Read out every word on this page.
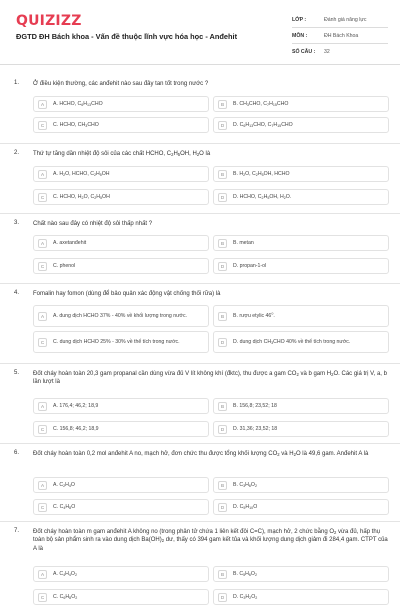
QUIZIZZ
ĐGTD ĐH Bách khoa - Vấn đề thuộc lĩnh vực hóa học - Anđehit
LỚP :	Đánh giá năng lực
MÔN :	ĐH Bách Khoa
SỐ CÂU :	32
1. Ở điều kiện thường, các anđehit nào sau đây tan tốt trong nước ?
A	A. HCHO, $C_6H_{13}CHO$	B	B. $CH_3CHO$, $C_7H_{15}CHO$
C	C. HCHO, $CH_3CHO$	D	D. $C_6H_{13}CHO$, $C_7H_{15}CHO$
2. Thứ tự tăng dần nhiệt độ sôi của các chất HCHO, $C_2H_5OH$, $H_2O$ là
A	A. $H_2O$, HCHO, $C_2H_5OH$	B	B. $H_2O$, $C_2H_5OH$, HCHO
C	C. HCHO, $H_2O$, $C_2H_5OH$	D	D. HCHO, $C_2H_5OH$, $H_2O$.
3. Chất nào sau đây có nhiệt độ sôi thấp nhất ?
A	A. axetanđehit	B	B. metan
C	C. phenol	D	D. propan-1-ol
4. Fomalin hay fomon (dùng để bảo quản xác động vật chống thối rữa) là
A	A. dung dịch HCHO 37% - 40% về khối lượng trong nước.	B	B. rượu etylic 46$^o$.
C	C. dung dịch HCHO 25% - 30% về thể tích trong nước.	D	D. dung dịch $CH_3CHO$ 40% về thể tích trong nước.
5. Đốt cháy hoàn toàn 20,3 gam propanal cần dùng vừa đủ V lít không khí (đktc), thu được a gam $CO_2$ và b gam $H_2O$. Các giá trị V, a, b lần lượt là
A	A. 176,4; 46,2; 18,9	B	B. 156,8; 23,52; 18
C	C. 156,8; 46,2; 18,9	D	D. 31,36; 23,52; 18
6. Đốt cháy hoàn toàn 0,2 mol anđehit A no, mạch hở, đơn chức thu được tổng khối lượng $CO_2$ và $H_2O$ là 49,6 gam. Anđehit A là
A	A. $C_2H_4O$	B	B. $C_3H_6O_2$
C	C. $C_4H_8O$	D	D. $C_5H_{10}O$
7. Đốt cháy hoàn toàn m gam anđehit A không no (trong phân tử chứa 1 liên kết đôi C=C), mạch hở, 2 chức bằng $O_2$ vừa đủ, hấp thụ toàn bộ sản phẩm sinh ra vào dung dịch $Ba(OH)_2$ dư, thấy có 394 gam kết tủa và khối lượng dung dịch giảm đi 284,4 gam. CTPT của A là
A	A. $C_4H_4O_2$	B	B. $C_5H_6O_2$
C	C. $C_6H_8O_2$	D	D. $C_3H_2O_2$
